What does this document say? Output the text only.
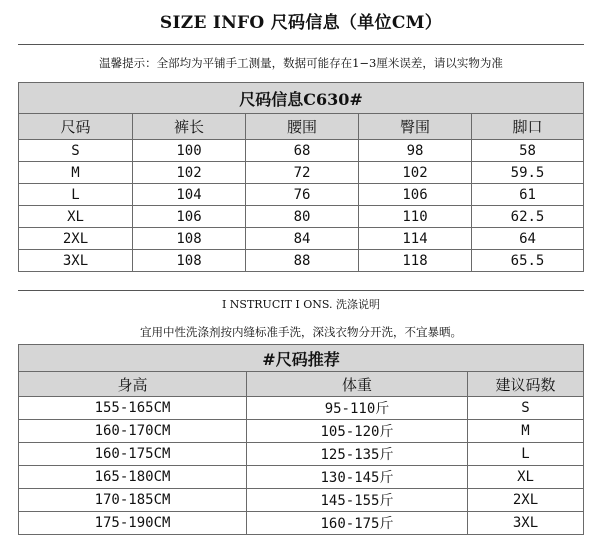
SIZE INFO 尺码信息（单位CM）
温馨提示：全部均为平铺手工测量，数据可能存在1−3厘米误差，请以实物为准
尺码信息C630#				
尺码	裤长	腰围	臀围	脚口
S	100	68	98	58
M	102	72	102	59.5
L	104	76	106	61
XL	106	80	110	62.5
2XL	108	84	114	64
3XL	108	88	118	65.5
I NSTRUCIT I ONS. 洗涤说明
宜用中性洗涤剂按内缝标准手洗，深浅衣物分开洗，不宜暴晒。
#尺码推荐		
身高	体重	建议码数
155-165CM	95-110斤	S
160-170CM	105-120斤	M
160-175CM	125-135斤	L
165-180CM	130-145斤	XL
170-185CM	145-155斤	2XL
175-190CM	160-175斤	3XL
